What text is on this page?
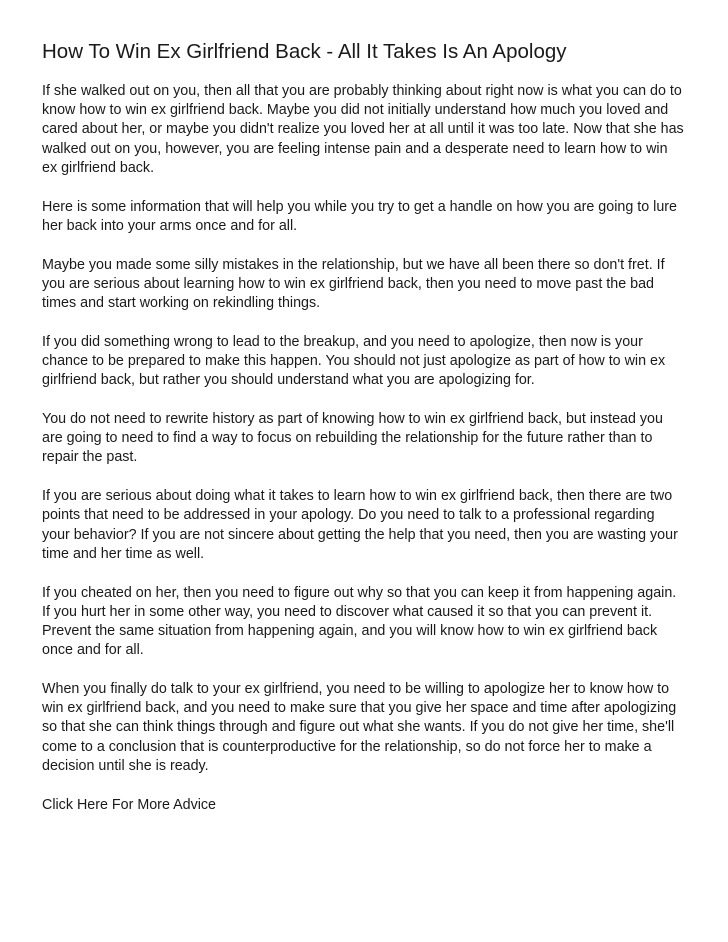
How To Win Ex Girlfriend Back - All It Takes Is An Apology
If she walked out on you, then all that you are probably thinking about right now is what you can do to
know how to win ex girlfriend back. Maybe you did not initially understand how much you loved and
cared about her, or maybe you didn't realize you loved her at all until it was too late. Now that she has
walked out on you, however, you are feeling intense pain and a desperate need to learn how to win
ex girlfriend back.
Here is some information that will help you while you try to get a handle on how you are going to lure
her back into your arms once and for all.
Maybe you made some silly mistakes in the relationship, but we have all been there so don't fret. If
you are serious about learning how to win ex girlfriend back, then you need to move past the bad
times and start working on rekindling things.
If you did something wrong to lead to the breakup, and you need to apologize, then now is your
chance to be prepared to make this happen. You should not just apologize as part of how to win ex
girlfriend back, but rather you should understand what you are apologizing for.
You do not need to rewrite history as part of knowing how to win ex girlfriend back, but instead you
are going to need to find a way to focus on rebuilding the relationship for the future rather than to
repair the past.
If you are serious about doing what it takes to learn how to win ex girlfriend back, then there are two
points that need to be addressed in your apology. Do you need to talk to a professional regarding
your behavior? If you are not sincere about getting the help that you need, then you are wasting your
time and her time as well.
If you cheated on her, then you need to figure out why so that you can keep it from happening again.
If you hurt her in some other way, you need to discover what caused it so that you can prevent it.
Prevent the same situation from happening again, and you will know how to win ex girlfriend back
once and for all.
When you finally do talk to your ex girlfriend, you need to be willing to apologize her to know how to
win ex girlfriend back, and you need to make sure that you give her space and time after apologizing
so that she can think things through and figure out what she wants. If you do not give her time, she'll
come to a conclusion that is counterproductive for the relationship, so do not force her to make a
decision until she is ready.
Click Here For More Advice
